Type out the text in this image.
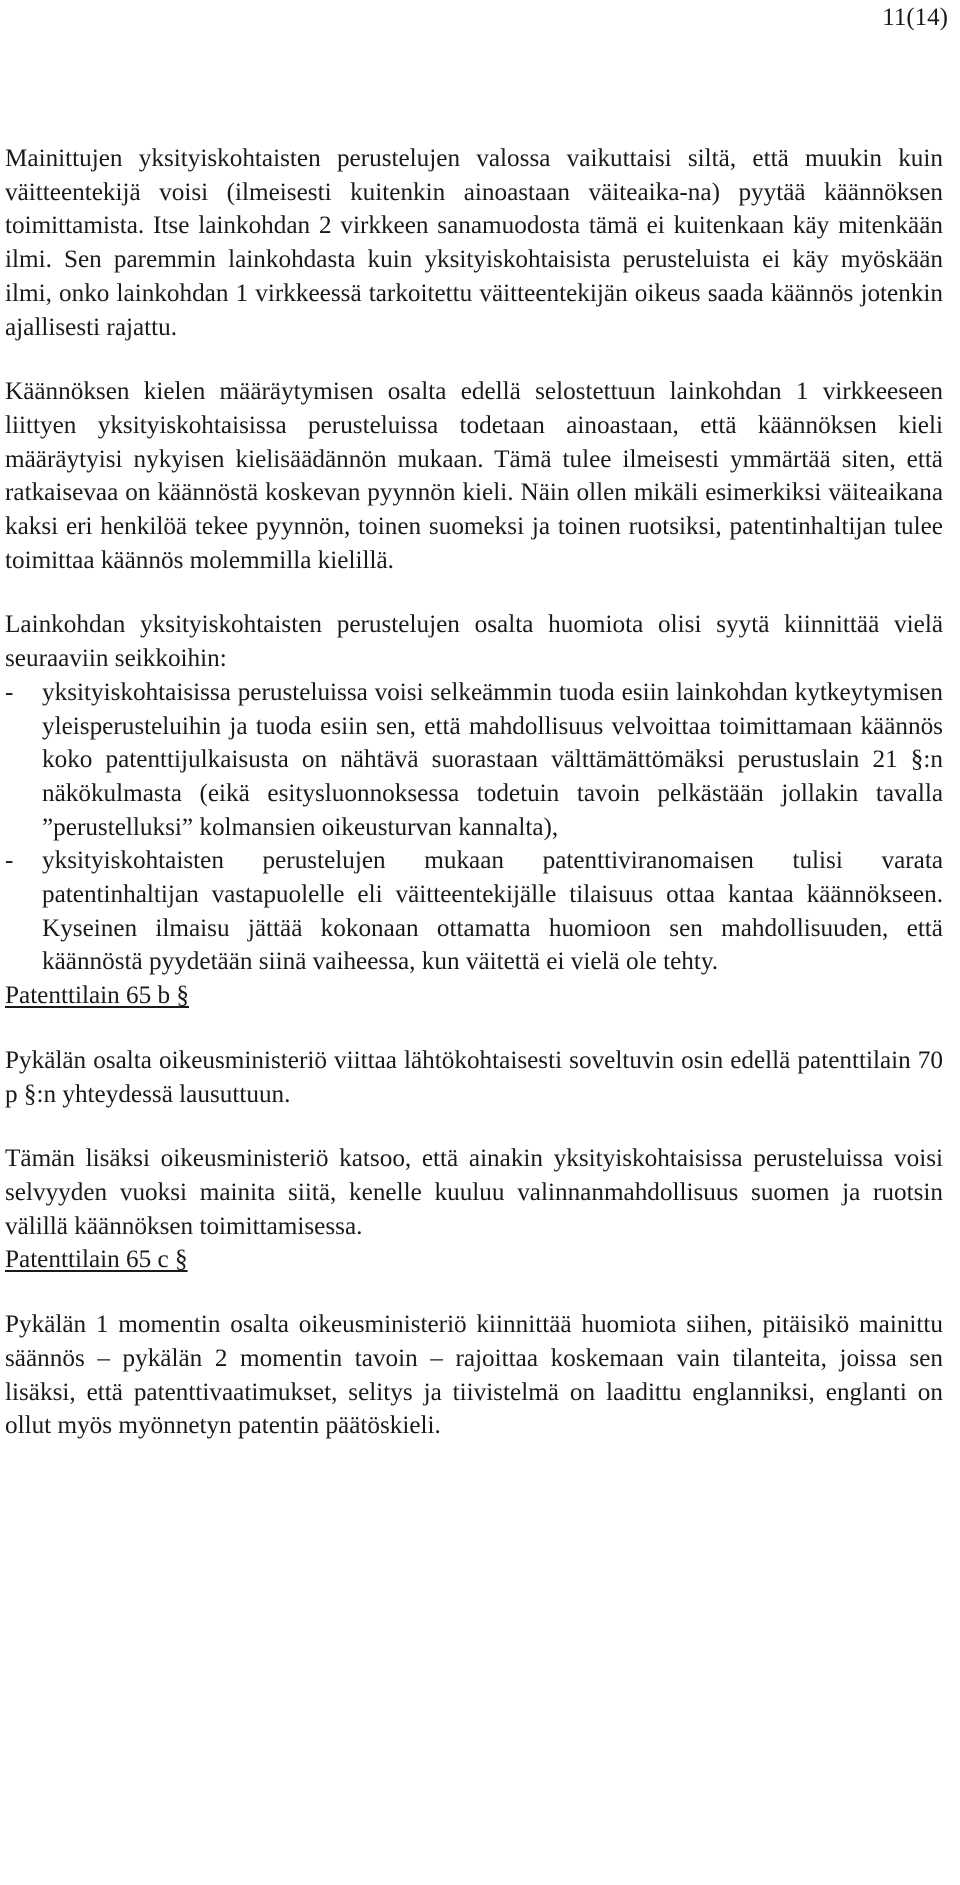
11(14)

Mainittujen yksityiskohtaisten perustelujen valossa vaikuttaisi siltä, että muukin kuin väitteentekijä voisi (ilmeisesti kuitenkin ainoastaan väiteaika-na) pyytää käännöksen toimittamista. Itse lainkohdan 2 virkkeen sanamuodosta tämä ei kuitenkaan käy mitenkään ilmi. Sen paremmin lainkohdasta kuin yksityiskohtaisista perusteluista ei käy myöskään ilmi, onko lainkohdan 1 virkkeessä tarkoitettu väitteentekijän oikeus saada käännös jotenkin ajallisesti rajattu.

Käännöksen kielen määräytymisen osalta edellä selostettuun lainkohdan 1 virkkeeseen liittyen yksityiskohtaisissa perusteluissa todetaan ainoastaan, että käännöksen kieli määräytyisi nykyisen kielisäädännön mukaan. Tämä tulee ilmeisesti ymmärtää siten, että ratkaisevaa on käännöstä koskevan pyynnön kieli. Näin ollen mikäli esimerkiksi väiteaikana kaksi eri henkilöä tekee pyynnön, toinen suomeksi ja toinen ruotsiksi, patentinhaltijan tulee toimittaa käännös molemmilla kielillä.

Lainkohdan yksityiskohtaisten perustelujen osalta huomiota olisi syytä kiinnittää vielä seuraaviin seikkoihin:

- yksityiskohtaisissa perusteluissa voisi selkeämmin tuoda esiin lainkohdan kytkeytymisen yleisperusteluihin ja tuoda esiin sen, että mahdollisuus velvoittaa toimittamaan käännös koko patenttijulkaisusta on nähtävä suorastaan välttämättömäksi perustuslain 21 §:n näkökulmasta (eikä esitysluonnoksessa todetuin tavoin pelkästään jollakin tavalla ”perustelluksi” kolmansien oikeusturvan kannalta),
- yksityiskohtaisten perustelujen mukaan patenttiviranomaisen tulisi varata patentinhaltijan vastapuolelle eli väitteentekijälle tilaisuus ottaa kantaa käännökseen. Kyseinen ilmaisu jättää kokonaan ottamatta huomioon sen mahdollisuuden, että käännöstä pyydetään siinä vaiheessa, kun väitettä ei vielä ole tehty.
Patenttilain 65 b §

Pykälän osalta oikeusministeriö viittaa lähtökohtaisesti soveltuvin osin edellä patenttilain 70 p §:n yhteydessä lausuttuun.

Tämän lisäksi oikeusministeriö katsoo, että ainakin yksityiskohtaisissa perusteluissa voisi selvyyden vuoksi mainita siitä, kenelle kuuluu valinnanmahdollisuus suomen ja ruotsin välillä käännöksen toimittamisessa.

Patenttilain 65 c §

Pykälän 1 momentin osalta oikeusministeriö kiinnittää huomiota siihen, pitäisikö mainittu säännös – pykälän 2 momentin tavoin – rajoittaa koskemaan vain tilanteita, joissa sen lisäksi, että patenttivaatimukset, selitys ja tiivistelmä on laadittu englanniksi, englanti on ollut myös myönnetyn patentin päätöskieli.
